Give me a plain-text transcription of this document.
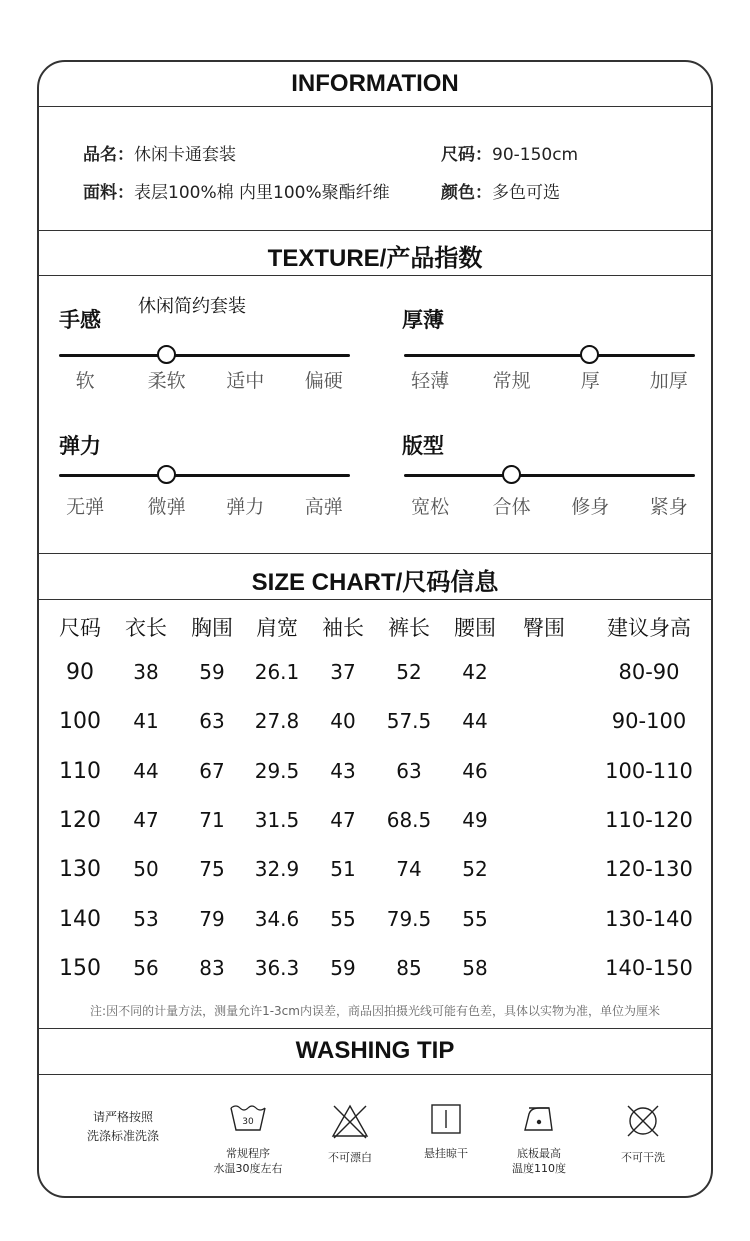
INFORMATION
品名：休闲卡通套装	尺码：90-150cm
面料：表层100%棉 内里100%聚酯纤维	颜色：多色可选
TEXTURE/产品指数
休闲简约套装
手感
软	柔软 适中 偏硬
厚薄
轻薄 常规	厚	加厚
弹力
无弹 微弹 弹力 高弹
版型
宽松 合体 修身 紧身
SIZE CHART/尺码信息
尺码 衣长 胸围 肩宽 袖长 裤长 腰围 臀围 建议身高
90 38 59 26.1 37 52 42	80-90
100 41 63 27.8 40 57.5 44	90-100
110 44 67 29.5 43 63 46	100-110
120 47 71 31.5 47 68.5 49	110-120
130 50 75 32.9 51 74 52	120-130
140 53 79 34.6 55 79.5 55	130-140
150 56 83 36.3 59 85 58	140-150
注:因不同的计量方法，测量允许1-3cm内误差，商品因拍摄光线可能有色差，具体以实物为准，单位为厘米
WASHING TIP
请严格按照
洗涤标准洗涤
30
常规程序
水温30度左右
不可漂白	悬挂晾干	底板最高
温度110度
不可干洗
